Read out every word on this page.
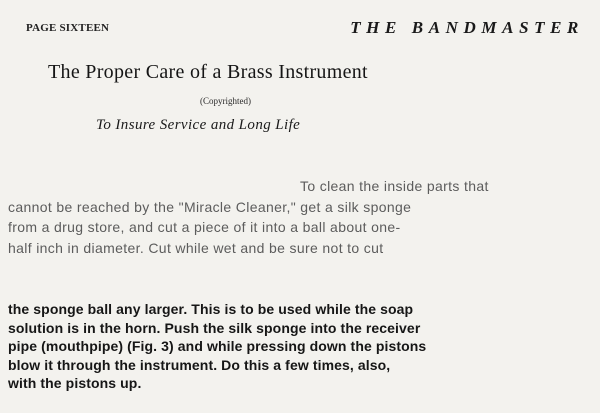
PAGE SIXTEEN	THE BANDMASTER
The Proper Care of a Brass Instrument
(Copyrighted)
To Insure Service and Long Life
To clean the inside parts that
cannot be reached by the "Miracle Cleaner," get a silk sponge
from a drug store, and cut a piece of it into a ball about one-
half inch in diameter. Cut while wet and be sure not to cut
the sponge ball any larger. This is to be used while the soap
solution is in the horn. Push the silk sponge into the receiver
pipe (mouthpipe) (Fig. 3) and while pressing down the pistons
blow it through the instrument. Do this a few times, also,
with the pistons up.
